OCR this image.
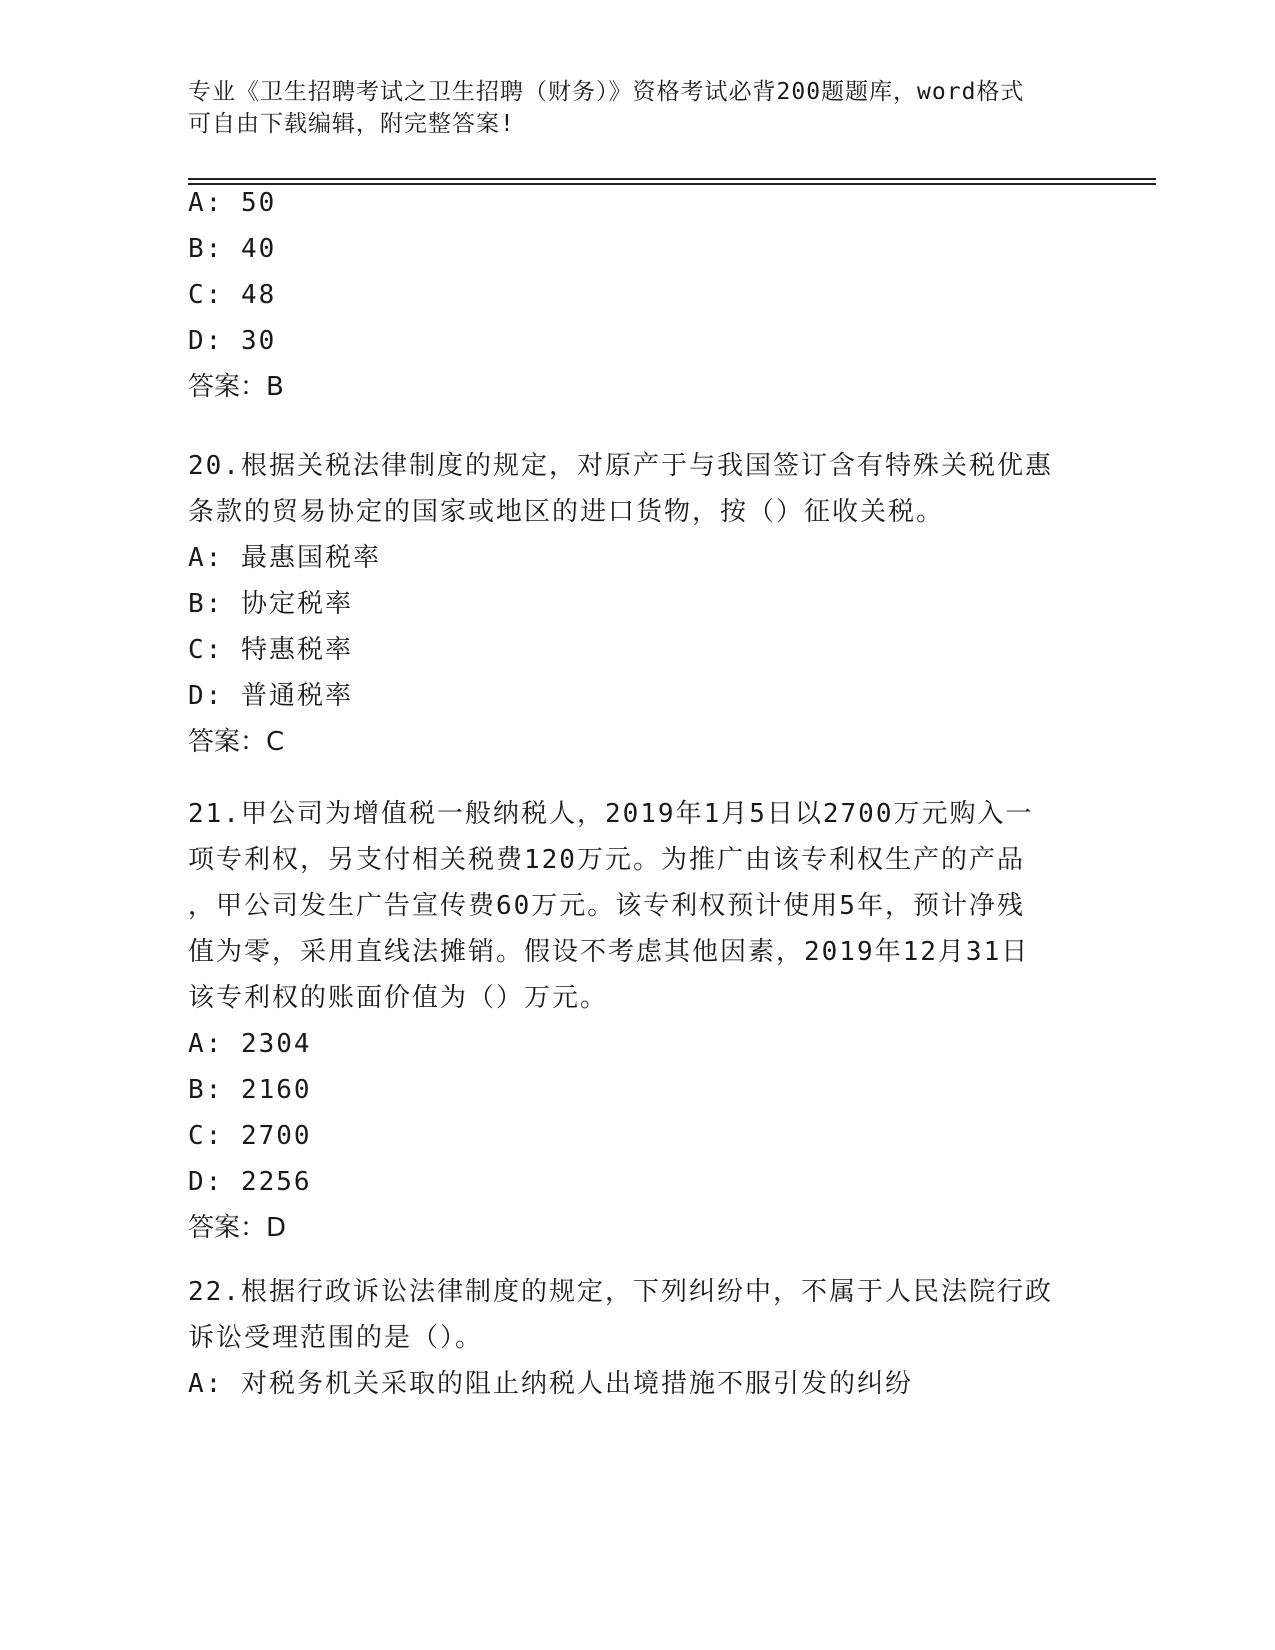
专业《卫生招聘考试之卫生招聘（财务）》资格考试必背200题题库，word格式
可自由下载编辑，附完整答案!
A: 50
B: 40
C: 48
D: 30
答案：B
20.根据关税法律制度的规定，对原产于与我国签订含有特殊关税优惠
条款的贸易协定的国家或地区的进口货物，按（）征收关税。
A: 最惠国税率
B: 协定税率
C: 特惠税率
D: 普通税率
答案：C
21.甲公司为增值税一般纳税人，2019年1月5日以2700万元购入一
项专利权，另支付相关税费120万元。为推广由该专利权生产的产品
，甲公司发生广告宣传费60万元。该专利权预计使用5年，预计净残
值为零，采用直线法摊销。假设不考虑其他因素，2019年12月31日
该专利权的账面价值为（）万元。
A: 2304
B: 2160
C: 2700
D: 2256
答案：D
22.根据行政诉讼法律制度的规定，下列纠纷中，不属于人民法院行政
诉讼受理范围的是（）。
A: 对税务机关采取的阻止纳税人出境措施不服引发的纠纷
